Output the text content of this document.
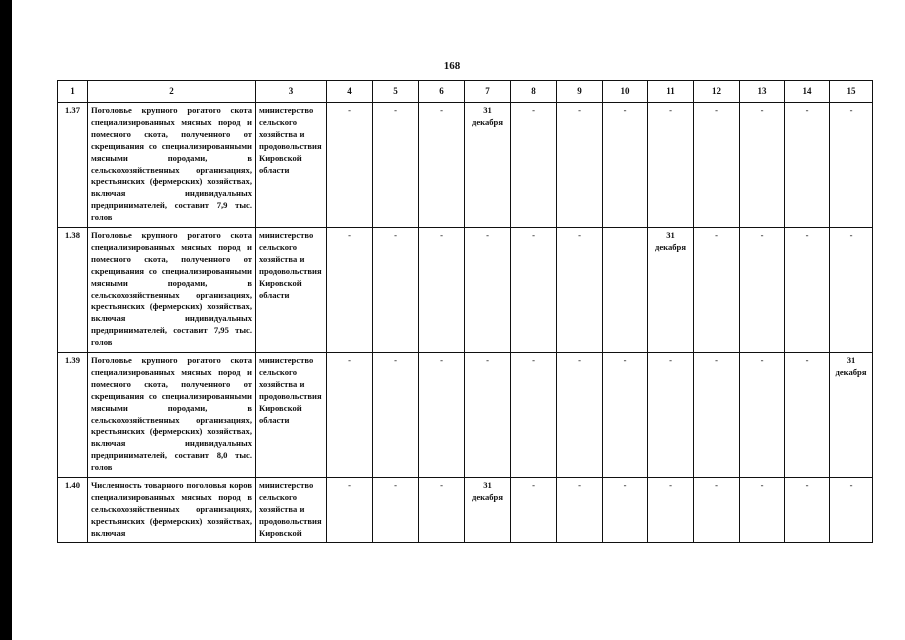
168
1	2	3	4	5	6	7	8	9	10	11	12	13	14	15
1.37	Поголовье крупного рогатого скота специализированных мясных пород и помесного скота, полученного от скрещивания со специализированными мясными породами, в сельскохозяйственных организациях, крестьянских (фермерских) хозяйствах, включая индивидуальных предпринимателей, составит 7,9 тыс. голов	министерство сельского хозяйства и продовольствия Кировской области	-	-	-	31 декабря	-	-	-	-	-	-	-	-
1.38	Поголовье крупного рогатого скота специализированных мясных пород и помесного скота, полученного от скрещивания со специализированными мясными породами, в сельскохозяйственных организациях, крестьянских (фермерских) хозяйствах, включая индивидуальных предпринимателей, составит 7,95 тыс. голов	министерство сельского хозяйства и продовольствия Кировской области	-	-	-	-	-	-		31 декабря	-	-	-	-
1.39	Поголовье крупного рогатого скота специализированных мясных пород и помесного скота, полученного от скрещивания со специализированными мясными породами, в сельскохозяйственных организациях, крестьянских (фермерских) хозяйствах, включая индивидуальных предпринимателей, составит 8,0 тыс. голов	министерство сельского хозяйства и продовольствия Кировской области	-	-	-	-	-	-	-	-	-	-	-	31 декабря
1.40	Численность товарного поголовья коров специализированных мясных пород в сельскохозяйственных организациях, крестьянских (фермерских) хозяйствах, включая	министерство сельского хозяйства и продовольствия Кировской	-	-	-	31 декабря	-	-	-	-	-	-	-	-
